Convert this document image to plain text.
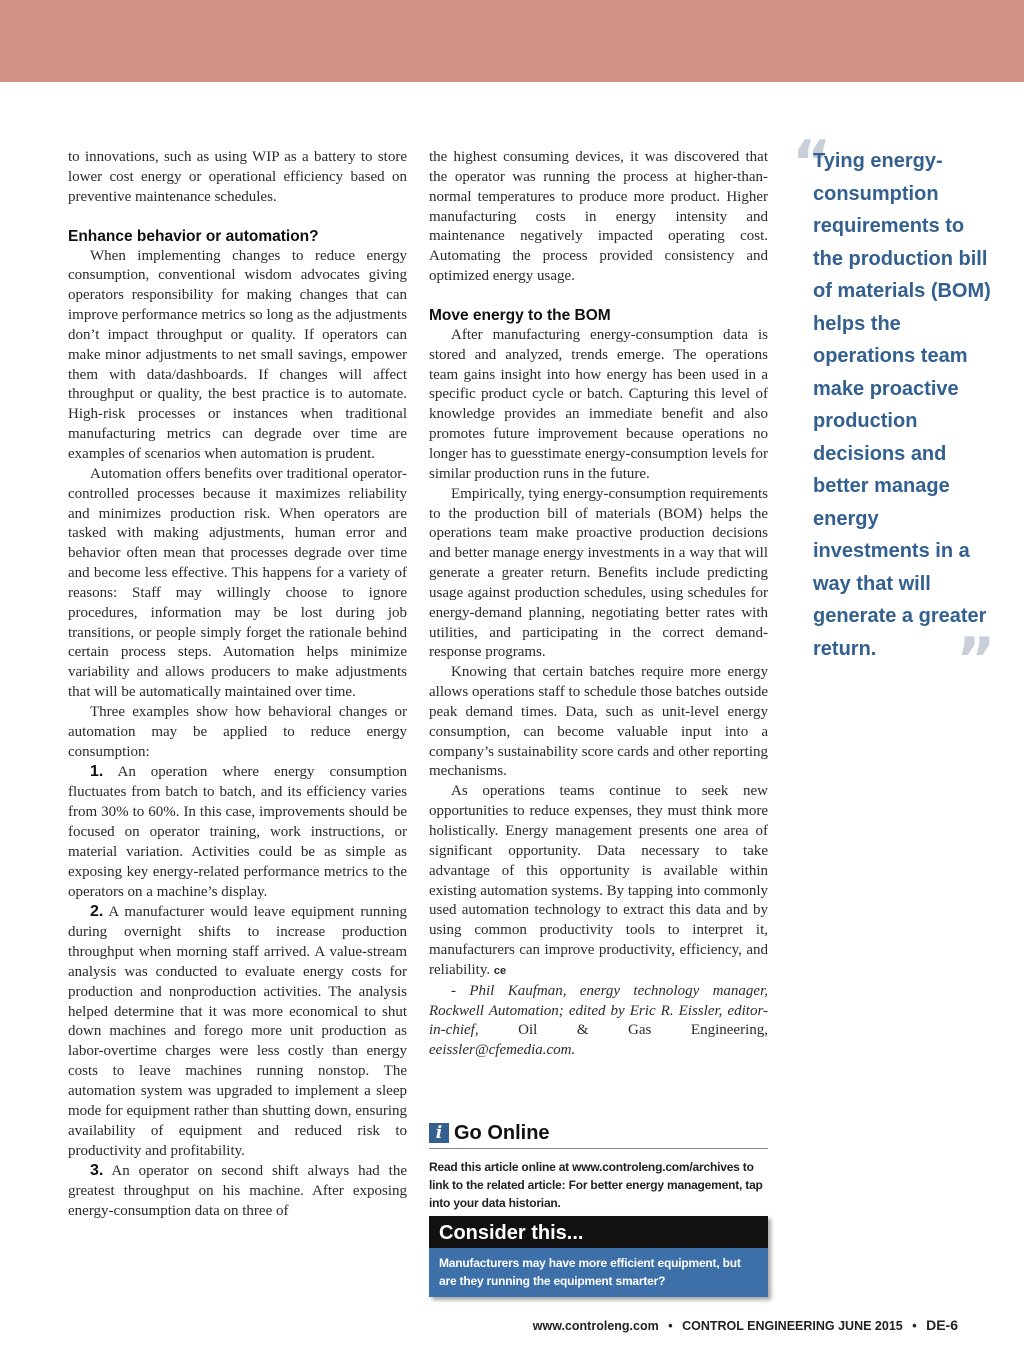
to innovations, such as using WIP as a battery to store lower cost energy or operational efficiency based on preventive maintenance schedules.

Enhance behavior or automation?

When implementing changes to reduce energy consumption, conventional wisdom advocates giving operators responsibility for making changes that can improve performance metrics so long as the adjustments don’t impact throughput or quality. If operators can make minor adjustments to net small savings, empower them with data/dashboards. If changes will affect throughput or quality, the best practice is to automate. High-risk processes or instances when traditional manufacturing metrics can degrade over time are examples of scenarios when automation is prudent.

Automation offers benefits over traditional operator-controlled processes because it maximizes reliability and minimizes production risk. When operators are tasked with making adjustments, human error and behavior often mean that processes degrade over time and become less effective. This happens for a variety of reasons: Staff may willingly choose to ignore procedures, information may be lost during job transitions, or people simply forget the rationale behind certain process steps. Automation helps minimize variability and allows producers to make adjustments that will be automatically maintained over time.

Three examples show how behavioral changes or automation may be applied to reduce energy consumption:

1. An operation where energy consumption fluctuates from batch to batch, and its efficiency varies from 30% to 60%. In this case, improvements should be focused on operator training, work instructions, or material variation. Activities could be as simple as exposing key energy-related performance metrics to the operators on a machine’s display.

2. A manufacturer would leave equipment running during overnight shifts to increase production throughput when morning staff arrived. A value-stream analysis was conducted to evaluate energy costs for production and nonproduction activities. The analysis helped determine that it was more economical to shut down machines and forego more unit production as labor-overtime charges were less costly than energy costs to leave machines running nonstop. The automation system was upgraded to implement a sleep mode for equipment rather than shutting down, ensuring availability of equipment and reduced risk to productivity and profitability.

3. An operator on second shift always had the greatest throughput on his machine. After exposing energy-consumption data on three of

the highest consuming devices, it was discovered that the operator was running the process at higher-than-normal temperatures to produce more product. Higher manufacturing costs in energy intensity and maintenance negatively impacted operating cost. Automating the process provided consistency and optimized energy usage.

Move energy to the BOM

After manufacturing energy-consumption data is stored and analyzed, trends emerge. The operations team gains insight into how energy has been used in a specific product cycle or batch. Capturing this level of knowledge provides an immediate benefit and also promotes future improvement because operations no longer has to guesstimate energy-consumption levels for similar production runs in the future.

Empirically, tying energy-consumption requirements to the production bill of materials (BOM) helps the operations team make proactive production decisions and better manage energy investments in a way that will generate a greater return. Benefits include predicting usage against production schedules, using schedules for energy-demand planning, negotiating better rates with utilities, and participating in the correct demand-response programs.

Knowing that certain batches require more energy allows operations staff to schedule those batches outside peak demand times. Data, such as unit-level energy consumption, can become valuable input into a company’s sustainability score cards and other reporting mechanisms.

As operations teams continue to seek new opportunities to reduce expenses, they must think more holistically. Energy management presents one area of significant opportunity. Data necessary to take advantage of this opportunity is available within existing automation systems. By tapping into commonly used automation technology to extract this data and by using common productivity tools to interpret it, manufacturers can improve productivity, efficiency, and reliability. ce

- Phil Kaufman, energy technology manager, Rockwell Automation; edited by Eric R. Eissler, editor-in-chief,	Oil & Gas Engineering, eeissler@cfemedia.com.

“
Tying energy-consumption requirements to the production bill of materials (BOM) helps the operations team make proactive production decisions and better manage energy investments in a way that will generate a greater return.	”
i Go Online
Read this article online at www.controleng.com/archives to link to the related article: For better energy management, tap into your data historian.
Consider this...
Manufacturers may have more efficient equipment, but are they running the equipment smarter?
www.controleng.com • CONTROL ENGINEERING JUNE 2015 • DE-6
